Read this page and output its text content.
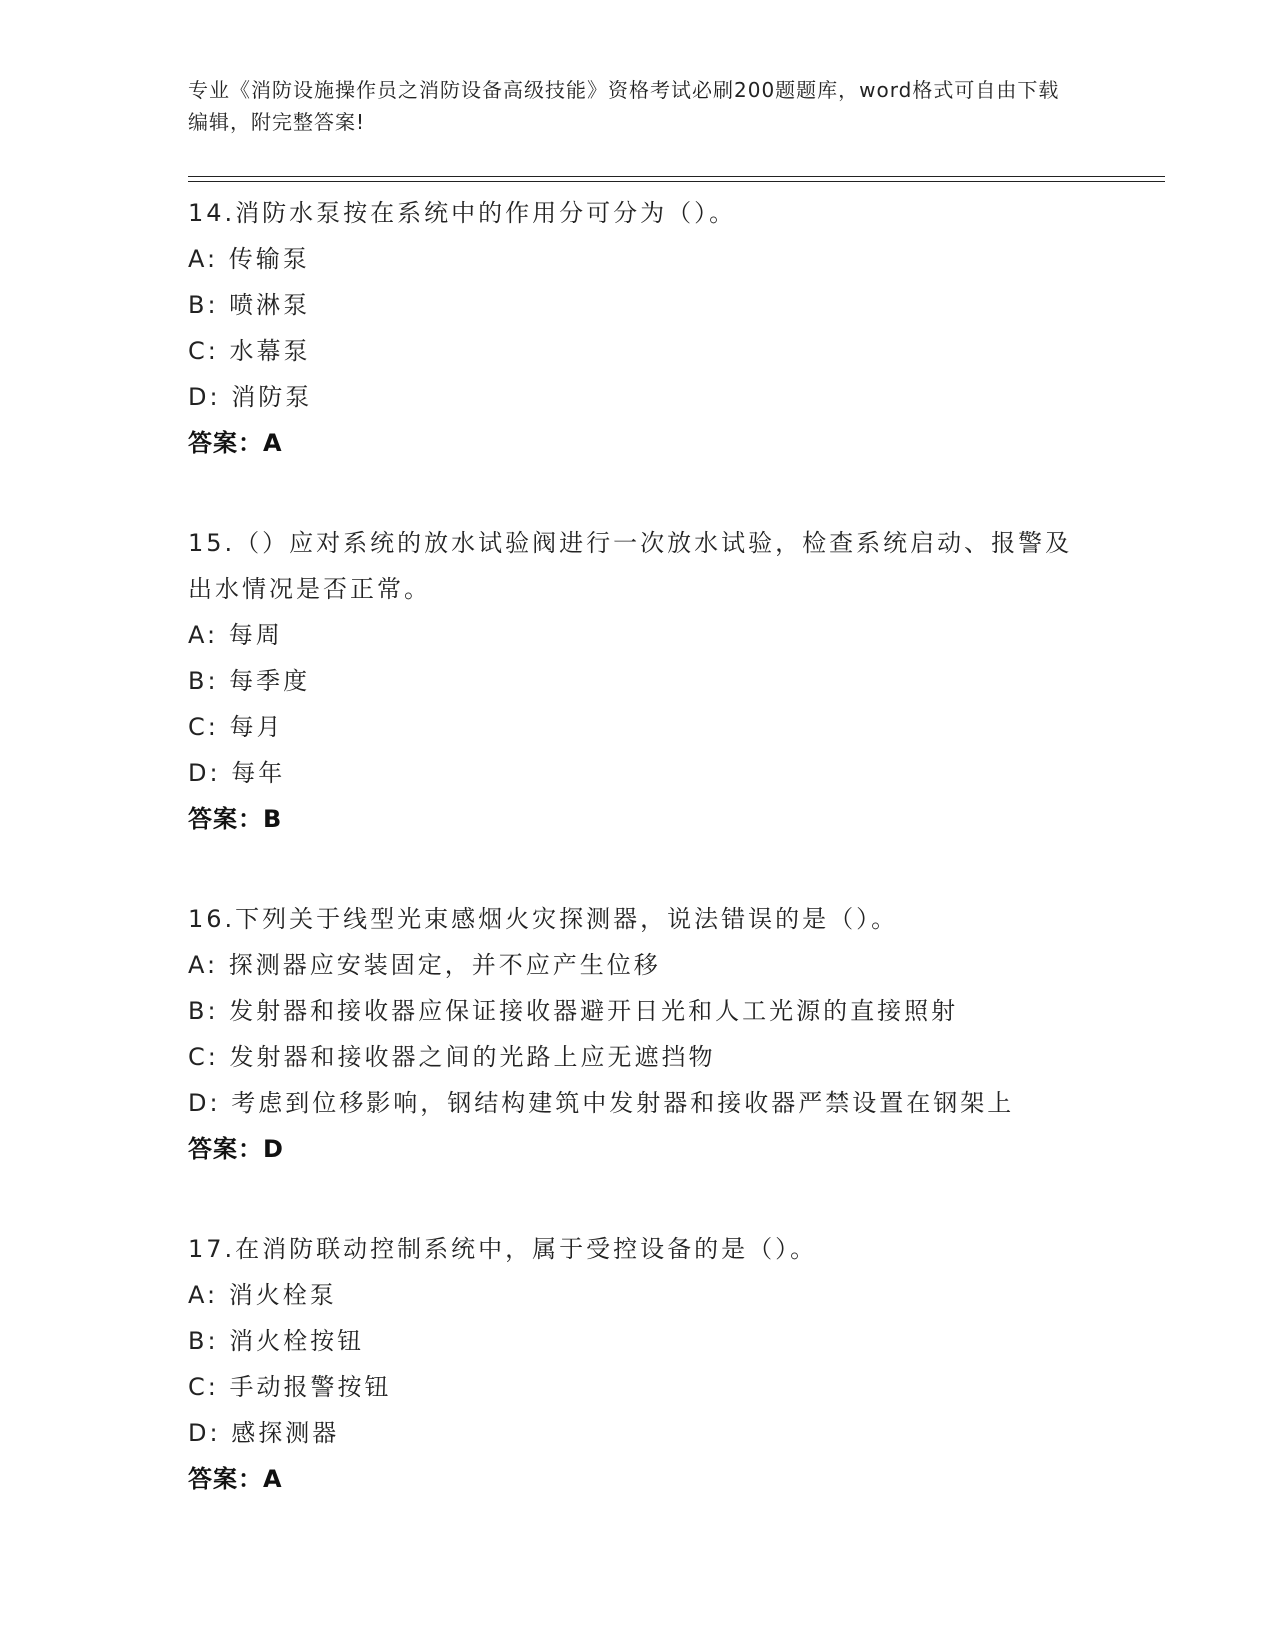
专业《消防设施操作员之消防设备高级技能》资格考试必刷200题题库，word格式可自由下载编辑，附完整答案!
14.消防水泵按在系统中的作用分可分为（）。
A: 传输泵
B: 喷淋泵
C: 水幕泵
D: 消防泵
答案：A
15.（）应对系统的放水试验阀进行一次放水试验，检查系统启动、报警及出水情况是否正常。
A: 每周
B: 每季度
C: 每月
D: 每年
答案：B
16.下列关于线型光束感烟火灾探测器，说法错误的是（）。
A: 探测器应安装固定，并不应产生位移
B: 发射器和接收器应保证接收器避开日光和人工光源的直接照射
C: 发射器和接收器之间的光路上应无遮挡物
D: 考虑到位移影响，钢结构建筑中发射器和接收器严禁设置在钢架上
答案：D
17.在消防联动控制系统中，属于受控设备的是（）。
A: 消火栓泵
B: 消火栓按钮
C: 手动报警按钮
D: 感探测器
答案：A
